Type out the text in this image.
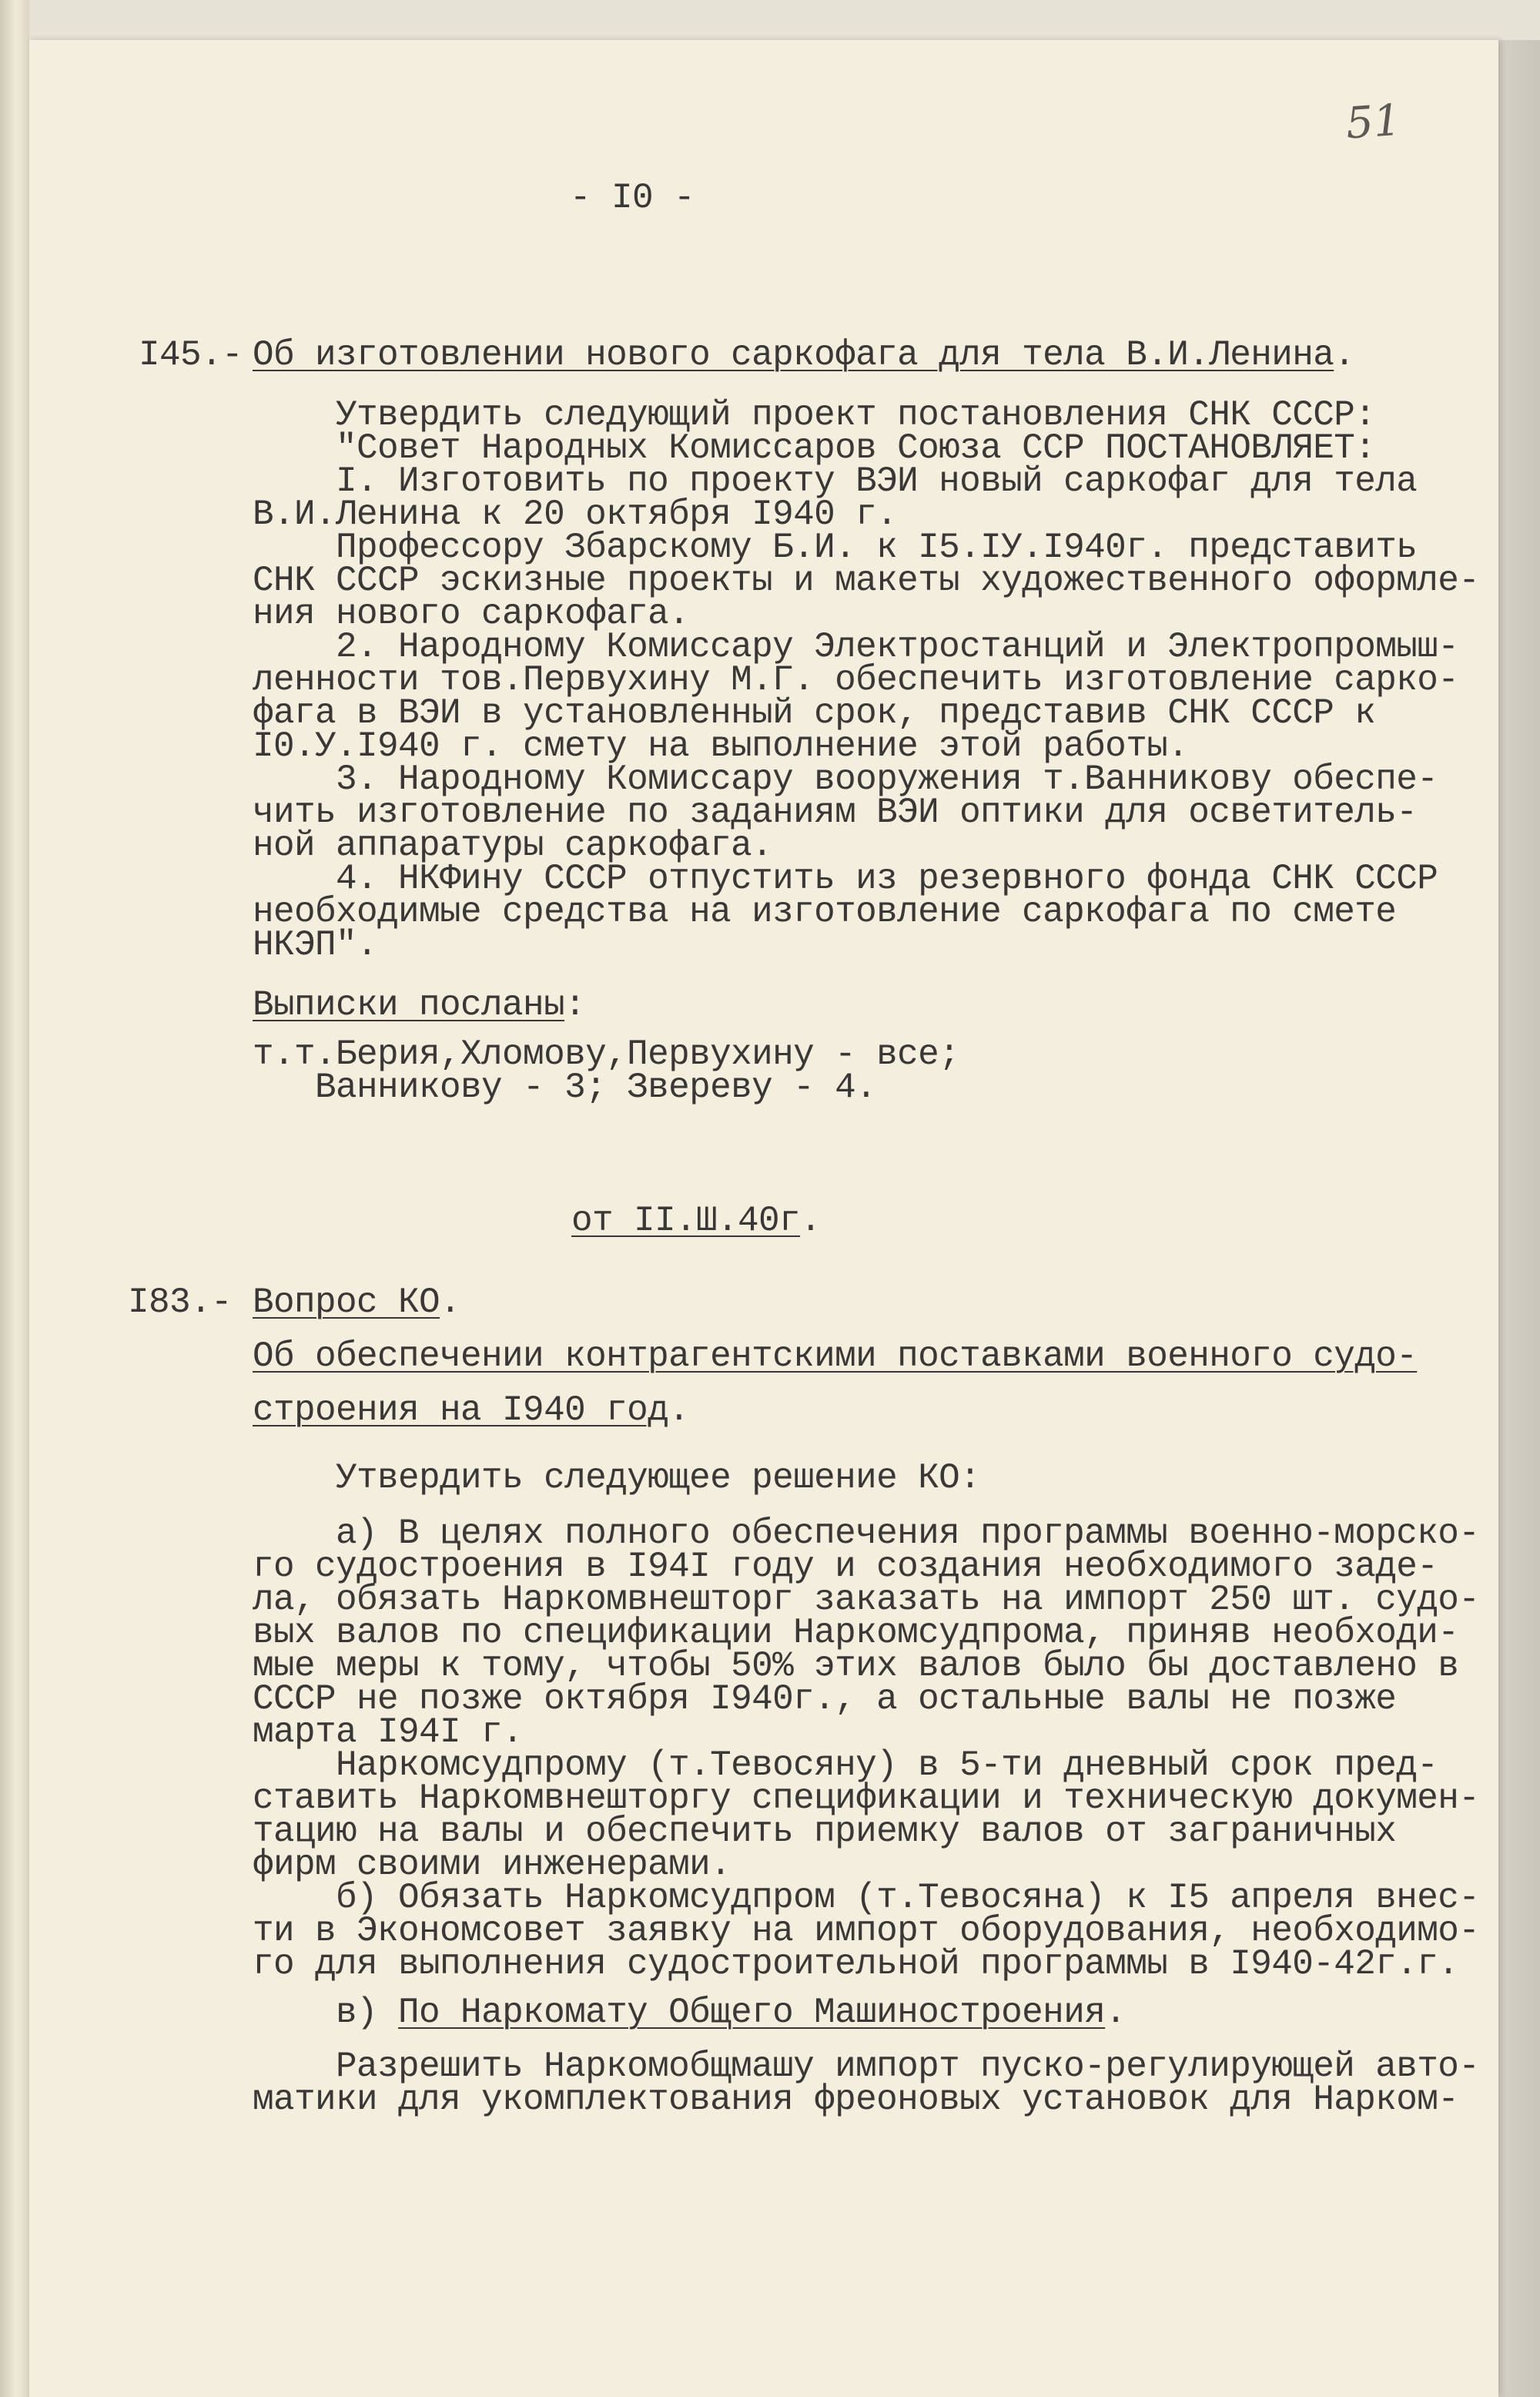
51

- I0 -

I45.- Об изготовлении нового саркофага для тела В.И.Ленина.

Утвердить следующий проект постановления СНК СССР:

"Совет Народных Комиссаров Союза ССР ПОСТАНОВЛЯЕТ:

I. Изготовить по проекту ВЭИ новый саркофаг для тела

В.И.Ленина к 20 октября I940 г.

Профессору Збарскому Б.И. к I5.IУ.I940г. представить

СНК СССР эскизные проекты и макеты художественного оформле-

ния нового саркофага.

2. Народному Комиссару Электростанций и Электропромыш-

ленности тов.Первухину М.Г. обеспечить изготовление сарко-

фага в ВЭИ в установленный срок, представив СНК СССР к

I0.У.I940 г. смету на выполнение этой работы.

3. Народному Комиссару вооружения т.Ванникову обеспе-

чить изготовление по заданиям ВЭИ оптики для осветитель-

ной аппаратуры саркофага.

4. НКФину СССР отпустить из резервного фонда СНК СССР

необходимые средства на изготовление саркофага по смете

НКЭП".

Выписки посланы:

т.т.Берия,Хломову,Первухину - все;

Ванникову - 3; Звереву - 4.

от II.Ш.40г.

I83.- Вопрос КО.

Об обеспечении контрагентскими поставками военного судо-

строения на I940 год.

Утвердить следующее решение КО:

а) В целях полного обеспечения программы военно-морско-

го судостроения в I94I году и создания необходимого заде-

ла, обязать Наркомвнешторг заказать на импорт 250 шт. судо-

вых валов по спецификации Наркомсудпрома, приняв необходи-

мые меры к тому, чтобы 50% этих валов было бы доставлено в

СССР не позже октября I940г., а остальные валы не позже

марта I94I г.

Наркомсудпрому (т.Тевосяну) в 5-ти дневный срок пред-

ставить Наркомвнешторгу спецификации и техническую докумен-

тацию на валы и обеспечить приемку валов от заграничных

фирм своими инженерами.

б) Обязать Наркомсудпром (т.Тевосяна) к I5 апреля внес-

ти в Экономсовет заявку на импорт оборудования, необходимо-

го для выполнения судостроительной программы в I940-42г.г.

в) По Наркомату Общего Машиностроения.

Разрешить Наркомобщмашу импорт пуско-регулирующей авто-

матики для укомплектования фреоновых установок для Нарком-
